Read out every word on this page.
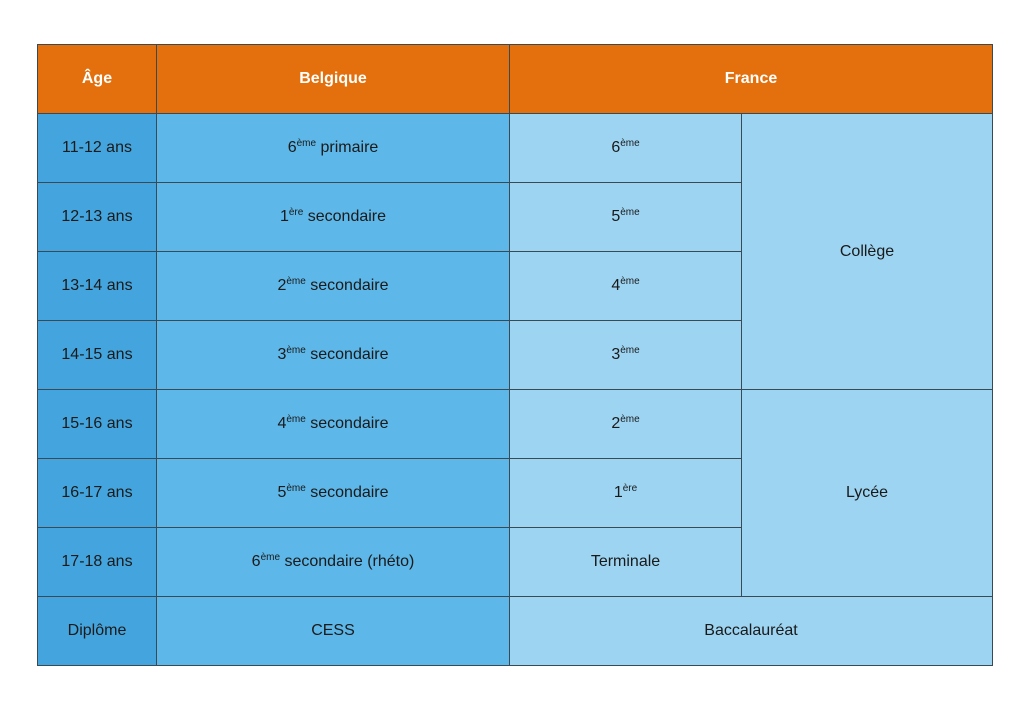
Âge	Belgique	France	
11-12 ans	6ème primaire	6ème	Collège
12-13 ans	1ère secondaire	5ème
13-14 ans	2ème secondaire	4ème
14-15 ans	3ème secondaire	3ème
15-16 ans	4ème secondaire	2ème	Lycée
16-17 ans	5ème secondaire	1ère
17-18 ans	6ème secondaire (rhéto)	Terminale	
Diplôme	CESS	Baccalauréat	
